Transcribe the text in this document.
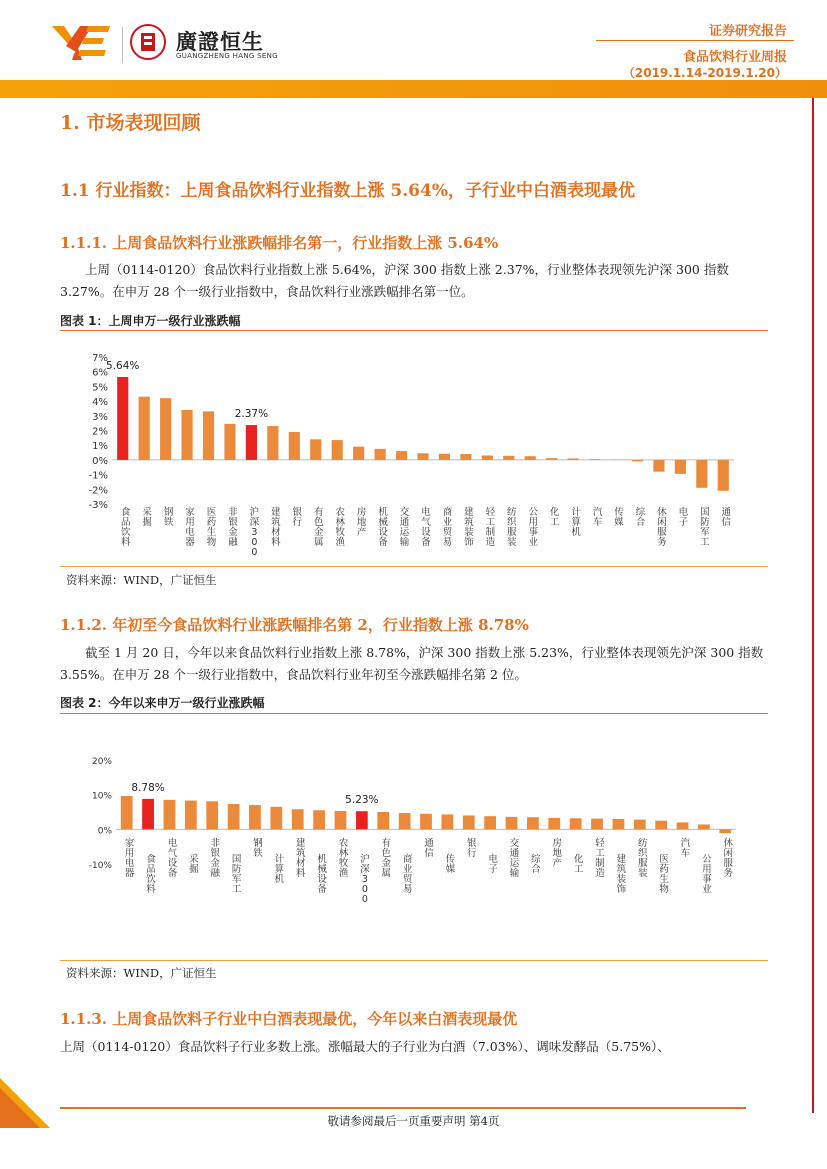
廣證恒生
GUANGZHENG HANG SENG
证券研究报告
食品饮料行业周报
（2019.1.14-2019.1.20）
1. 市场表现回顾
1.1 行业指数：上周食品饮料行业指数上涨 5.64%，子行业中白酒表现最优
1.1.1. 上周食品饮料行业涨跌幅排名第一，行业指数上涨 5.64%
上周（0114-0120）食品饮料行业指数上涨 5.64%，沪深 300 指数上涨 2.37%，行业整体表现领先沪深 300 指数 3.27%。在申万 28 个一级行业指数中，食品饮料行业涨跌幅排名第一位。
图表 1：上周申万一级行业涨跌幅
7%
6%
5%
4%
3%
2%
1%
0%
-1%
-2%
-3%
食品饮料
采掘
钢铁
家用电器
医药生物
非银金融
沪深 3 0 0
建筑材料
银行
有色金属
农林牧渔
房地产
机械设备
交通运输
电气设备
商业贸易
建筑装饰
轻工制造
纺织服装
公用事业
化工
计算机
汽车
传媒
综合
休闲服务
电子
国防军工
通信
5.64%
2.37%
资料来源：WIND，广证恒生
1.1.2. 年初至今食品饮料行业涨跌幅排名第 2，行业指数上涨 8.78%
截至 1 月 20 日，今年以来食品饮料行业指数上涨 8.78%，沪深 300 指数上涨 5.23%，行业整体表现领先沪深 300 指数 3.55%。在申万 28 个一级行业指数中，食品饮料行业年初至今涨跌幅排名第 2 位。
图表 2：今年以来申万一级行业涨跌幅
20%
10%
0%
-10%
家用电器
食品饮料
电气设备
采掘
非银金融
国防军工
钢铁
计算机
建筑材料
机械设备
农林牧渔
沪深 3 0 0
有色金属
商业贸易
通信
传媒
银行
电子
交通运输
综合
房地产 化工
轻工制造
建筑装饰
纺织服装
医药生物
汽车
公用事业
休闲服务
8.78%
5.23%
资料来源：WIND，广证恒生
1.1.3. 上周食品饮料子行业中白酒表现最优，今年以来白酒表现最优
上周（0114-0120）食品饮料子行业多数上涨。涨幅最大的子行业为白酒（7.03%）、调味发酵品（5.75%）、
敬请参阅最后一页重要声明 第4页
